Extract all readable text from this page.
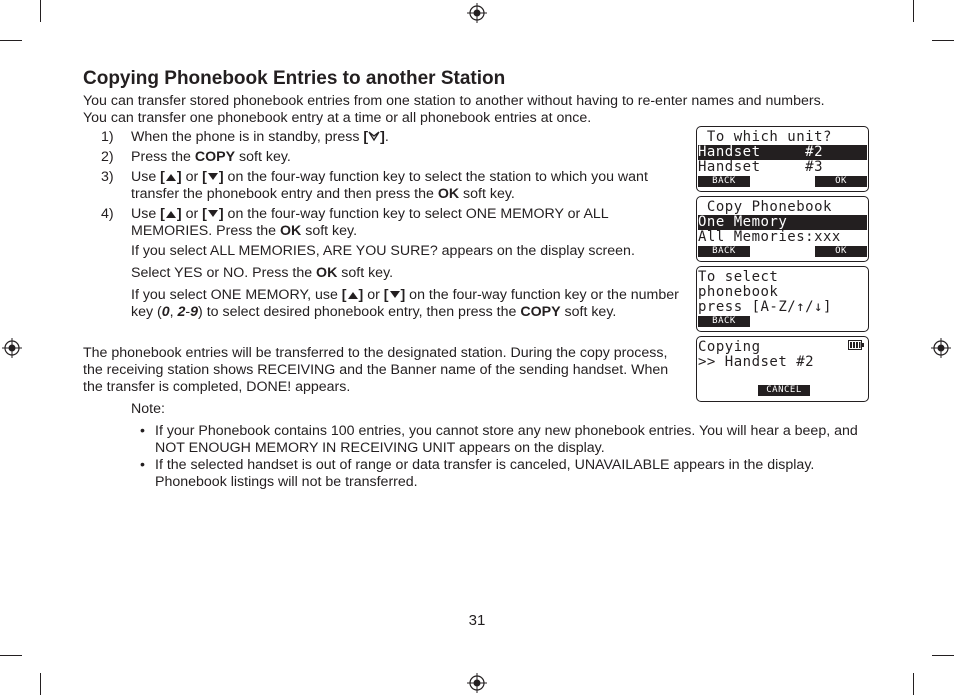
Copying Phonebook Entries to another Station

You can transfer stored phonebook entries from one station to another without having to re-enter names and numbers. You can transfer one phonebook entry at a time or all phonebook entries at once.

1) When the phone is in standby, press [ ].
2) Press the COPY soft key.
3) Use [ ] or [ ] on the four-way function key to select the station to which you want transfer the phonebook entry and then press the OK soft key.
4) Use [ ] or [ ] on the four-way function key to select ONE MEMORY or ALL MEMORIES. Press the OK soft key.

If you select ALL MEMORIES, ARE YOU SURE? appears on the display screen.

Select YES or NO. Press the OK soft key.

If you select ONE MEMORY, use [ ] or [ ] on the four-way function key or the number key (0, 2-9) to select desired phonebook entry, then press the COPY soft key.

The phonebook entries will be transferred to the designated station. During the copy process, the receiving station shows RECEIVING and the Banner name of the sending handset. When the transfer is completed, DONE! appears.

Note:

• If your Phonebook contains 100 entries, you cannot store any new phonebook entries. You will hear a beep, and NOT ENOUGH MEMORY IN RECEIVING UNIT appears on the display.
• If the selected handset is out of range or data transfer is canceled, UNAVAILABLE appears in the display. Phonebook listings will not be transferred.
To which unit?
Handset     #2
Handset     #3
BACK	OK
Copy Phonebook
One Memory
All Memories:xxx
BACK	OK
To select
phonebook
press [A-Z/↑/↓]
BACK
Copying
>> Handset #2
CANCEL
31
